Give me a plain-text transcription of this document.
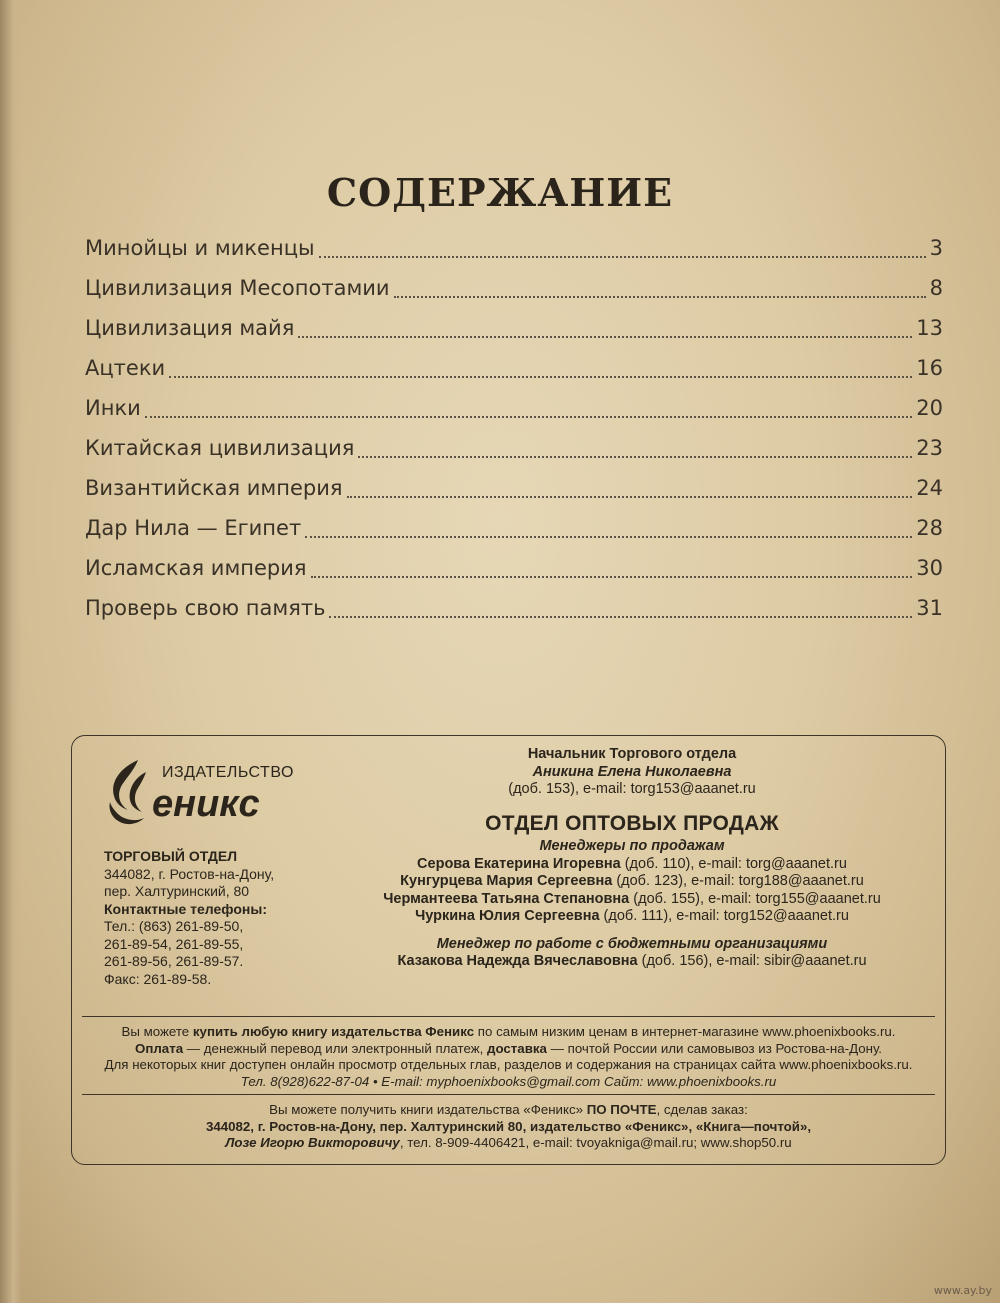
СОДЕРЖАНИЕ
Минойцы и микенцы	3
Цивилизация Месопотамии	8
Цивилизация майя	13
Ацтеки	16
Инки	20
Китайская цивилизация	23
Византийская империя	24
Дар Нила — Египет	28
Исламская империя	30
Проверь свою память	31
ИЗДАТЕЛЬСТВО
еникс
ТОРГОВЫЙ ОТДЕЛ
344082, г. Ростов-на-Дону,
пер. Халтуринский, 80
Контактные телефоны:
Тел.: (863) 261-89-50,
261-89-54, 261-89-55,
261-89-56, 261-89-57.
Факс: 261-89-58.
Начальник Торгового отдела
Аникина Елена Николаевна
(доб. 153), e-mail: torg153@aaanet.ru
ОТДЕЛ ОПТОВЫХ ПРОДАЖ
Менеджеры по продажам
Серова Екатерина Игоревна (доб. 110), e-mail: torg@aaanet.ru
Кунгурцева Мария Сергеевна (доб. 123), e-mail: torg188@aaanet.ru
Чермантеева Татьяна Степановна (доб. 155), e-mail: torg155@aaanet.ru
Чуркина Юлия Сергеевна (доб. 111), e-mail: torg152@aaanet.ru
Менеджер по работе с бюджетными организациями
Казакова Надежда Вячеславовна (доб. 156), e-mail: sibir@aaanet.ru
Вы можете купить любую книгу издательства Феникс по самым низким ценам в интернет-магазине www.phoenixbooks.ru.
Оплата — денежный перевод или электронный платеж, доставка — почтой России или самовывоз из Ростова-на-Дону.
Для некоторых книг доступен онлайн просмотр отдельных глав, разделов и содержания на страницах сайта www.phoenixbooks.ru.
Тел. 8(928)622-87-04 • E-mail: myphoenixbooks@gmail.com Сайт: www.phoenixbooks.ru
Вы можете получить книги издательства «Феникс» ПО ПОЧТЕ, сделав заказ:
344082, г. Ростов-на-Дону, пер. Халтуринский 80, издательство «Феникс», «Книга—почтой»,
Лозе Игорю Викторовичу, тел. 8-909-4406421, e-mail: tvoyakniga@mail.ru; www.shop50.ru
www.ay.by
